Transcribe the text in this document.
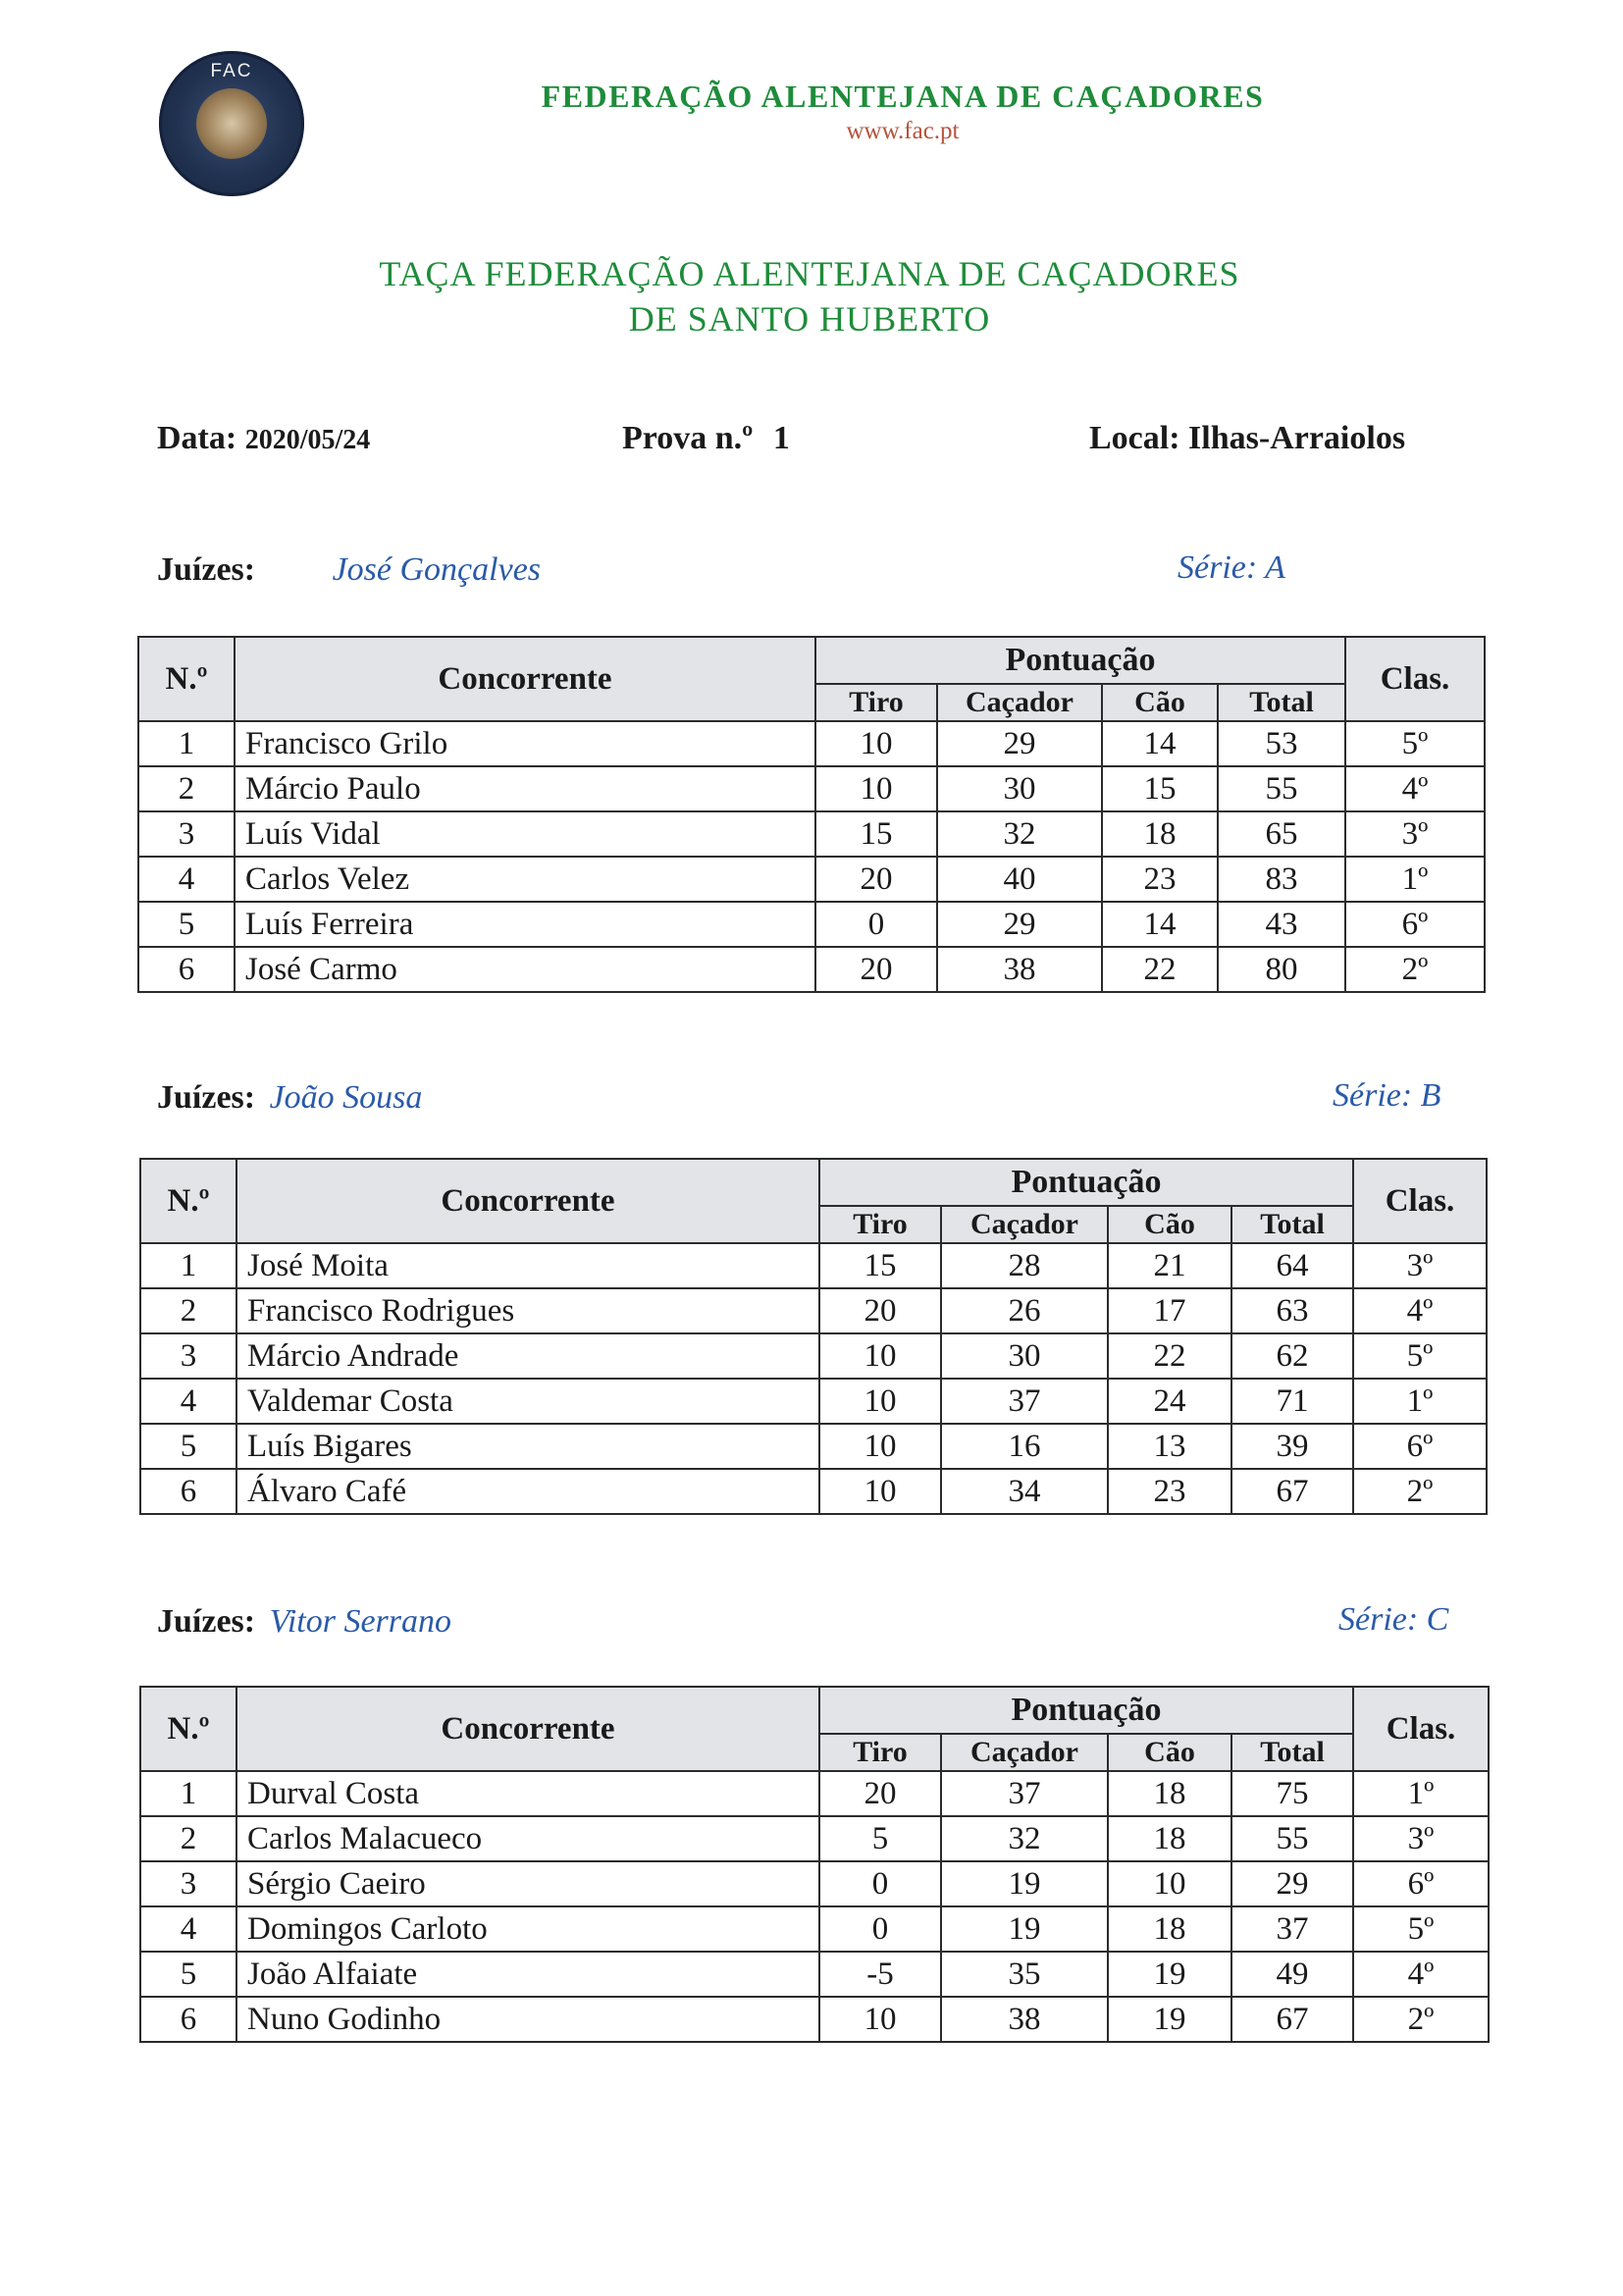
FAC
FEDERAÇÃO ALENTEJANA DE CAÇADORES
www.fac.pt
TAÇA FEDERAÇÃO ALENTEJANA DE CAÇADORES
DE SANTO HUBERTO
Data: 2020/05/24	Prova n.º 1	Local: Ilhas-Arraiolos
Juízes: José Gonçalves	Série: A
N.º	Concorrente	Pontuação				Clas.
		Tiro	Caçador	Cão	Total	
1	Francisco Grilo	10	29	14	53	5º
2	Márcio Paulo	10	30	15	55	4º
3	Luís Vidal	15	32	18	65	3º
4	Carlos Velez	20	40	23	83	1º
5	Luís Ferreira	0	29	14	43	6º
6	José Carmo	20	38	22	80	2º
Juízes: João Sousa	Série: B
N.º	Concorrente	Pontuação				Clas.
		Tiro	Caçador	Cão	Total	
1	José Moita	15	28	21	64	3º
2	Francisco Rodrigues	20	26	17	63	4º
3	Márcio Andrade	10	30	22	62	5º
4	Valdemar Costa	10	37	24	71	1º
5	Luís Bigares	10	16	13	39	6º
6	Álvaro Café	10	34	23	67	2º
Juízes: Vitor Serrano	Série: C
N.º	Concorrente	Pontuação				Clas.
		Tiro	Caçador	Cão	Total	
1	Durval Costa	20	37	18	75	1º
2	Carlos Malacueco	5	32	18	55	3º
3	Sérgio Caeiro	0	19	10	29	6º
4	Domingos Carloto	0	19	18	37	5º
5	João Alfaiate	-5	35	19	49	4º
6	Nuno Godinho	10	38	19	67	2º
